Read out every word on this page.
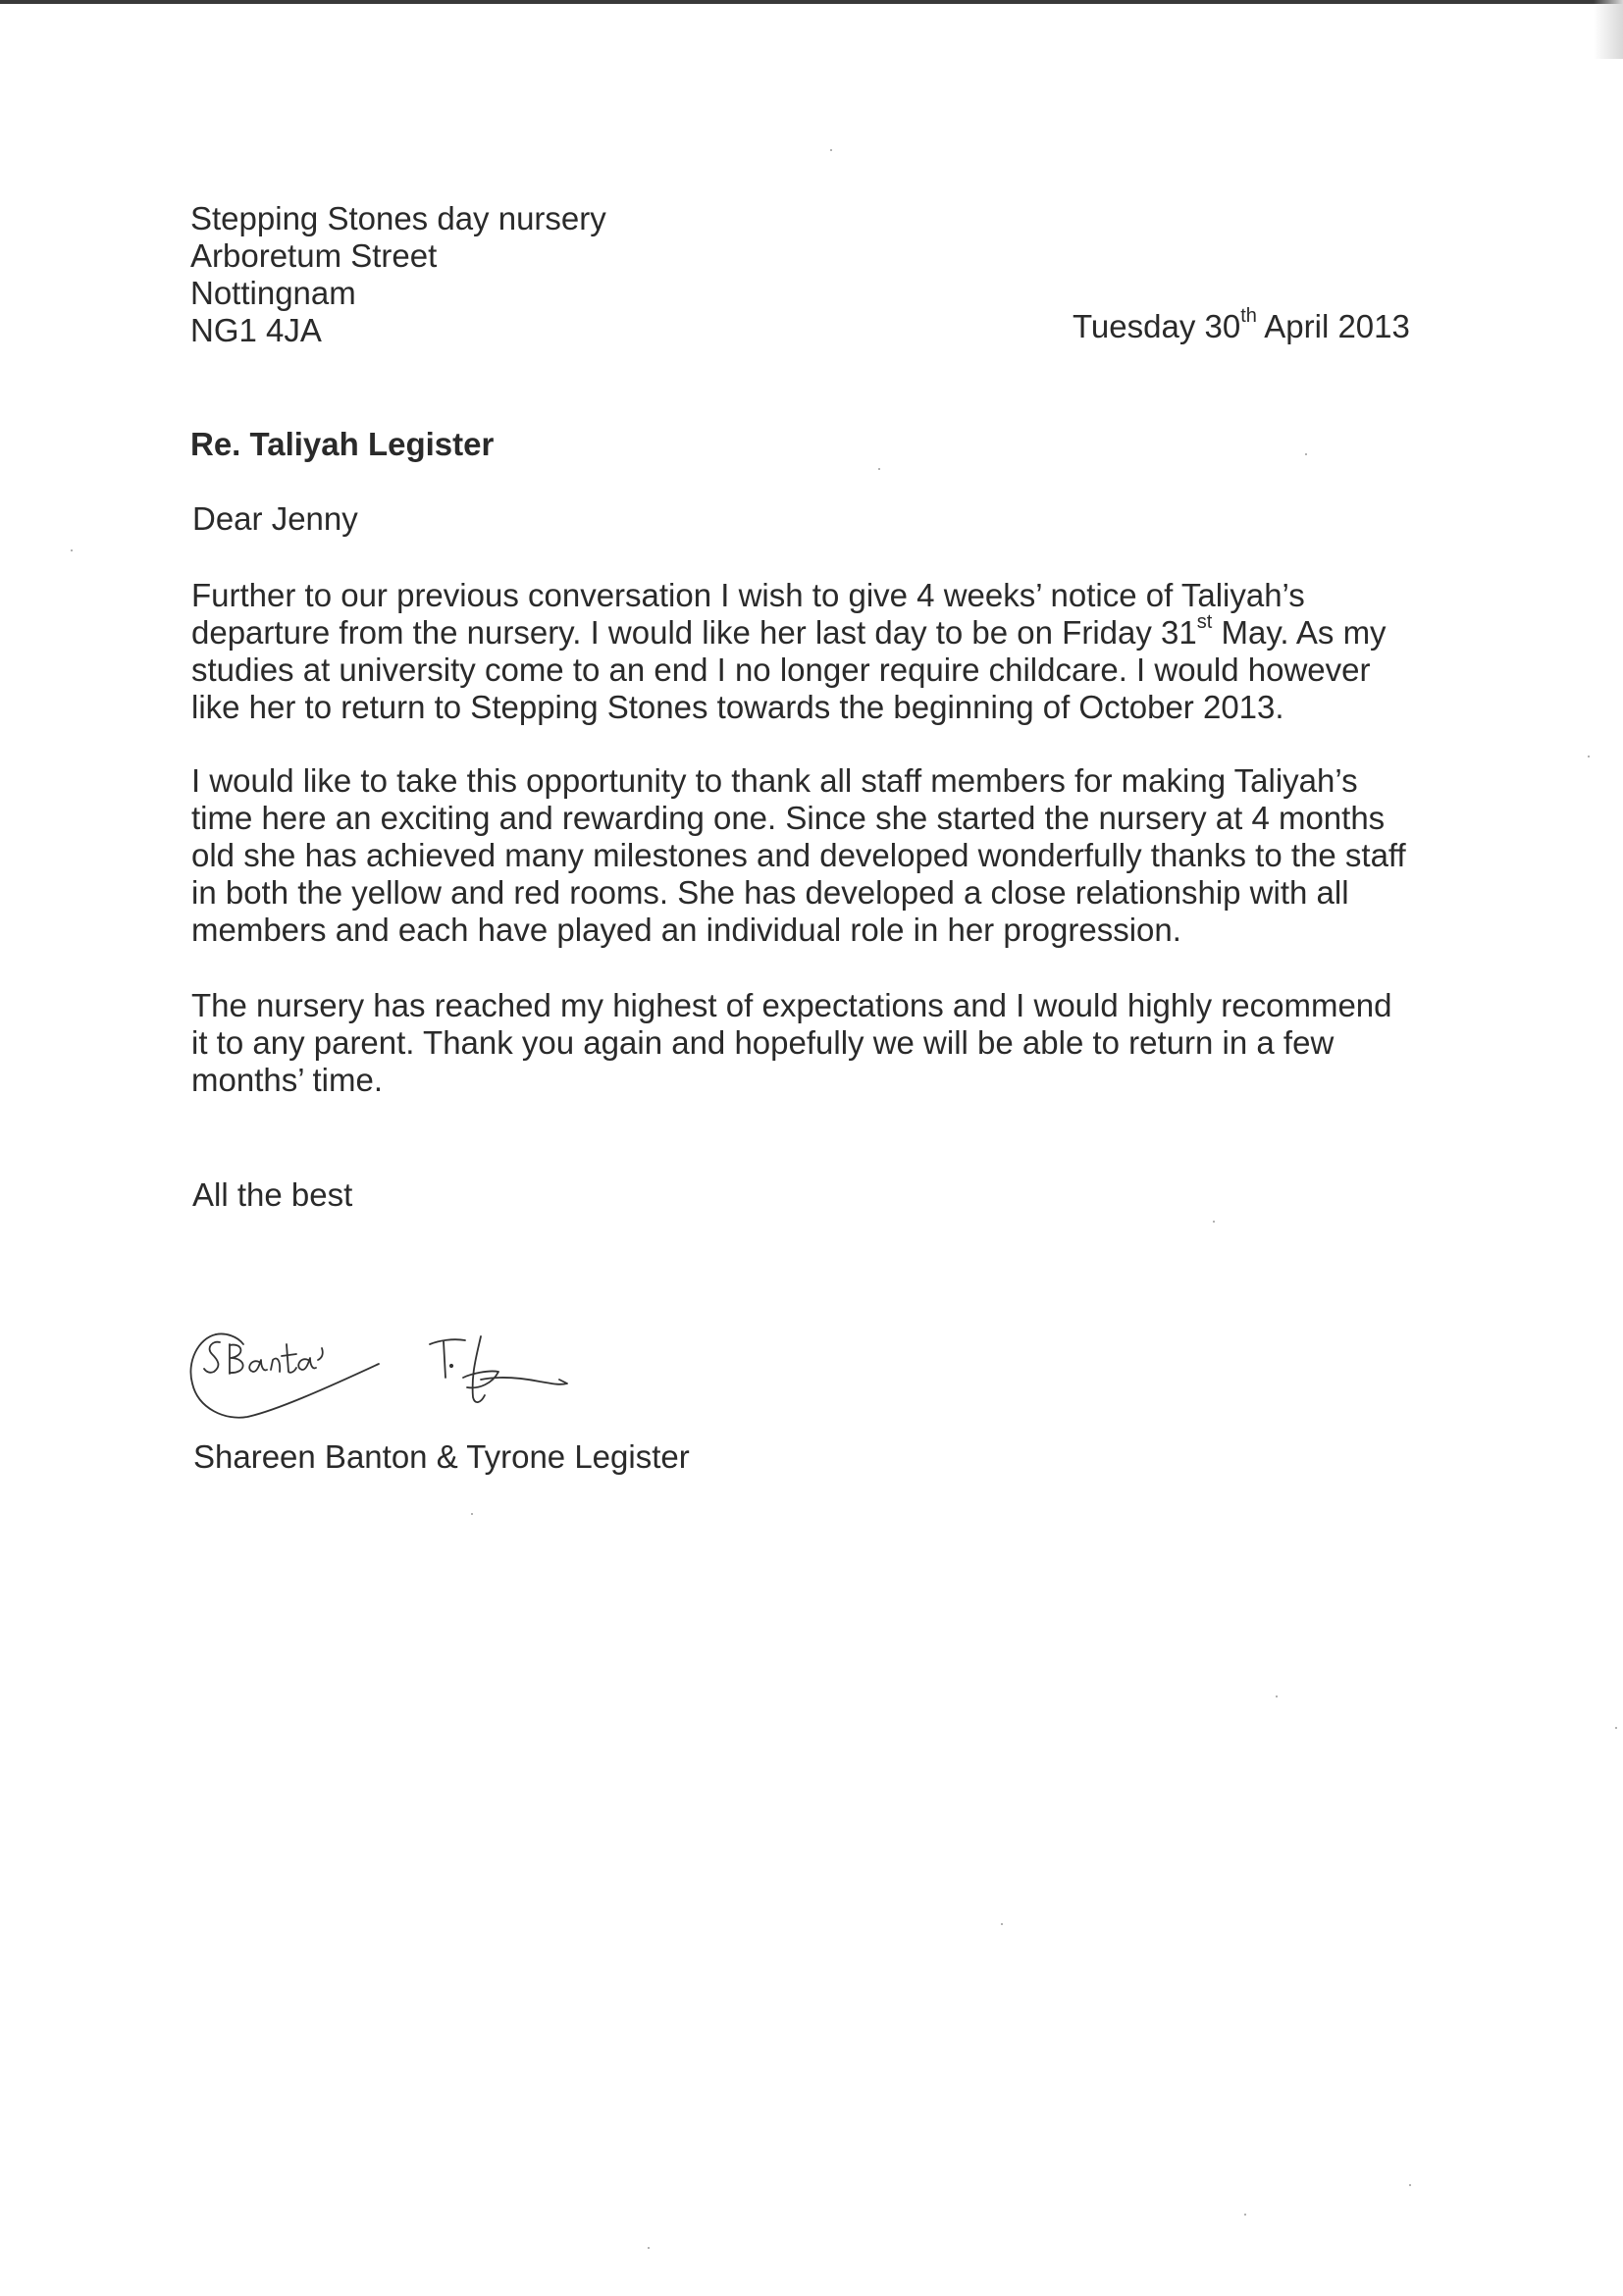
Stepping Stones day nursery
Arboretum Street
Nottingnam
NG1 4JA	Tuesday 30th April 2013
Re. Taliyah Legister
Dear Jenny
Further to our previous conversation I wish to give 4 weeks’ notice of Taliyah’s
departure from the nursery. I would like her last day to be on Friday 31st May. As my
studies at university come to an end I no longer require childcare. I would however
like her to return to Stepping Stones towards the beginning of October 2013.
I would like to take this opportunity to thank all staff members for making Taliyah’s
time here an exciting and rewarding one. Since she started the nursery at 4 months
old she has achieved many milestones and developed wonderfully thanks to the staff
in both the yellow and red rooms. She has developed a close relationship with all
members and each have played an individual role in her progression.
The nursery has reached my highest of expectations and I would highly recommend
it to any parent. Thank you again and hopefully we will be able to return in a few
months’ time.
All the best
Shareen Banton & Tyrone Legister
